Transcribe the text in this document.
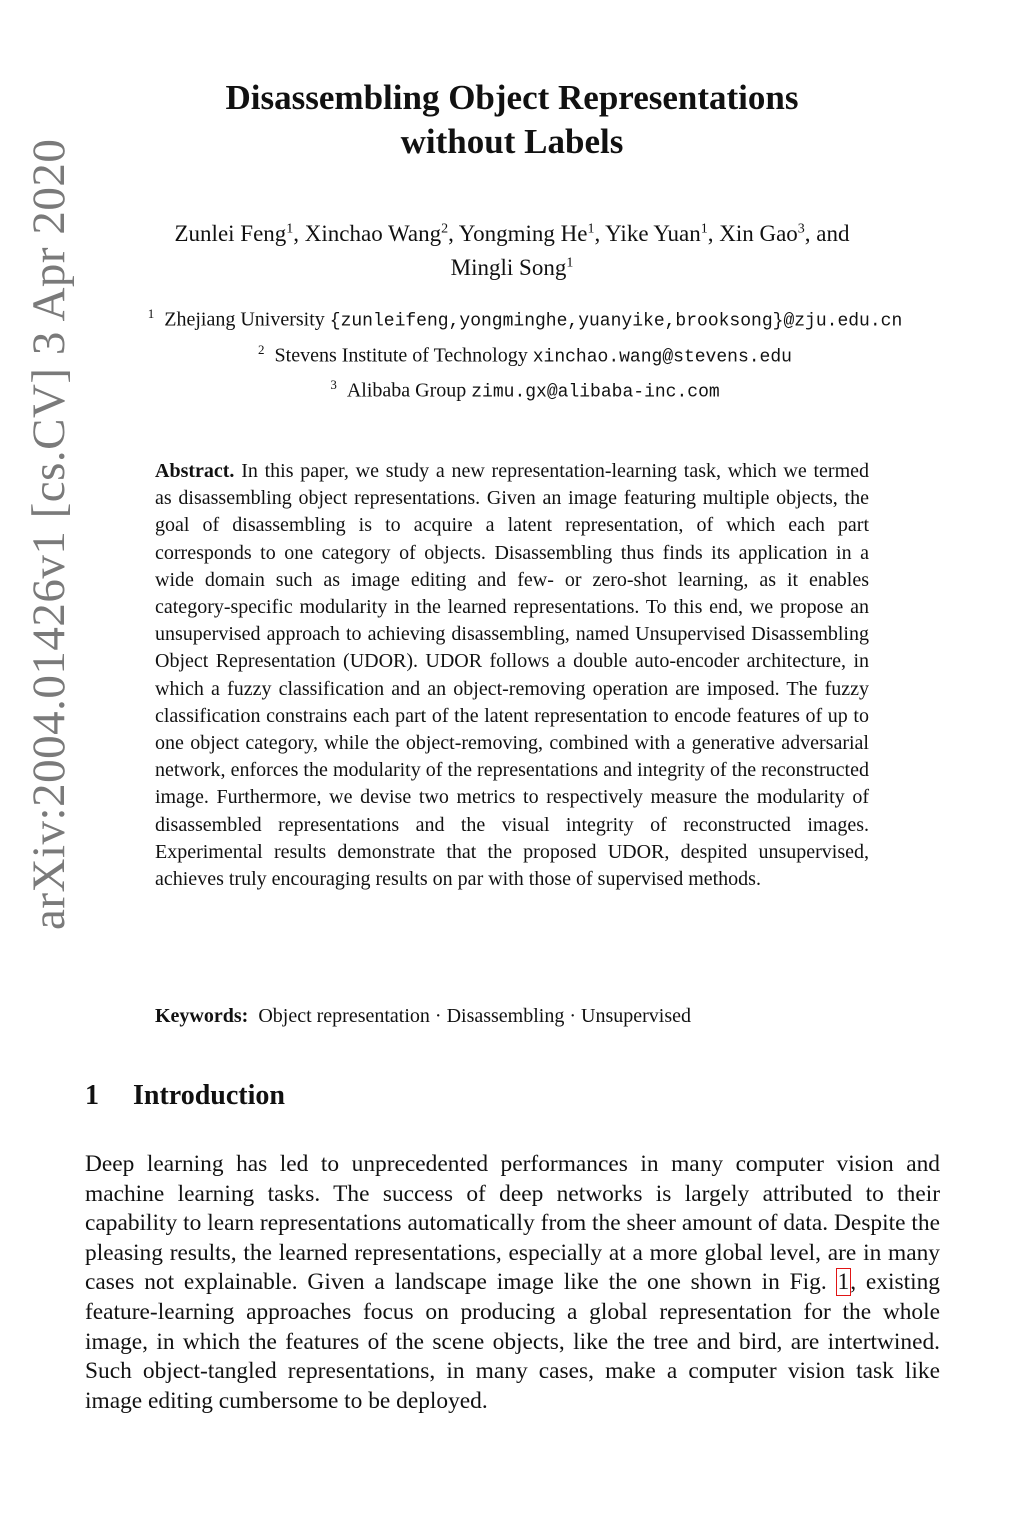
arXiv:2004.01426v1 [cs.CV] 3 Apr 2020
Disassembling Object Representations
without Labels
Zunlei Feng$^1$, Xinchao Wang$^2$, Yongming He$^1$, Yike Yuan$^1$, Xin Gao$^3$, and
Mingli Song$^1$
$^1$ Zhejiang University {zunleifeng,yongminghe,yuanyike,brooksong}@zju.edu.cn
$^2$ Stevens Institute of Technology xinchao.wang@stevens.edu
$^3$ Alibaba Group zimu.gx@alibaba-inc.com
Abstract. In this paper, we study a new representation-learning task, which we termed as disassembling object representations. Given an image featuring multiple objects, the goal of disassembling is to acquire a latent representation, of which each part corresponds to one category of objects. Disassembling thus finds its application in a wide domain such as image editing and few- or zero-shot learning, as it enables category-specific modularity in the learned representations. To this end, we propose an unsupervised approach to achieving disassembling, named Unsupervised Disassembling Object Representation (UDOR). UDOR follows a double auto-encoder architecture, in which a fuzzy classification and an object-removing operation are imposed. The fuzzy classification constrains each part of the latent representation to encode features of up to one object category, while the object-removing, combined with a generative adversarial network, enforces the modularity of the representations and integrity of the reconstructed image. Furthermore, we devise two metrics to respectively measure the modularity of disassembled representations and the visual integrity of reconstructed images. Experimental results demonstrate that the proposed UDOR, despited unsupervised, achieves truly encouraging results on par with those of supervised methods.
Keywords: Object representation · Disassembling · Unsupervised
1 Introduction
Deep learning has led to unprecedented performances in many computer vision and machine learning tasks. The success of deep networks is largely attributed to their capability to learn representations automatically from the sheer amount of data. Despite the pleasing results, the learned representations, especially at a more global level, are in many cases not explainable. Given a landscape image like the one shown in Fig. 1, existing feature-learning approaches focus on producing a global representation for the whole image, in which the features of the scene objects, like the tree and bird, are intertwined. Such object-tangled representations, in many cases, make a computer vision task like image editing cumbersome to be deployed.
